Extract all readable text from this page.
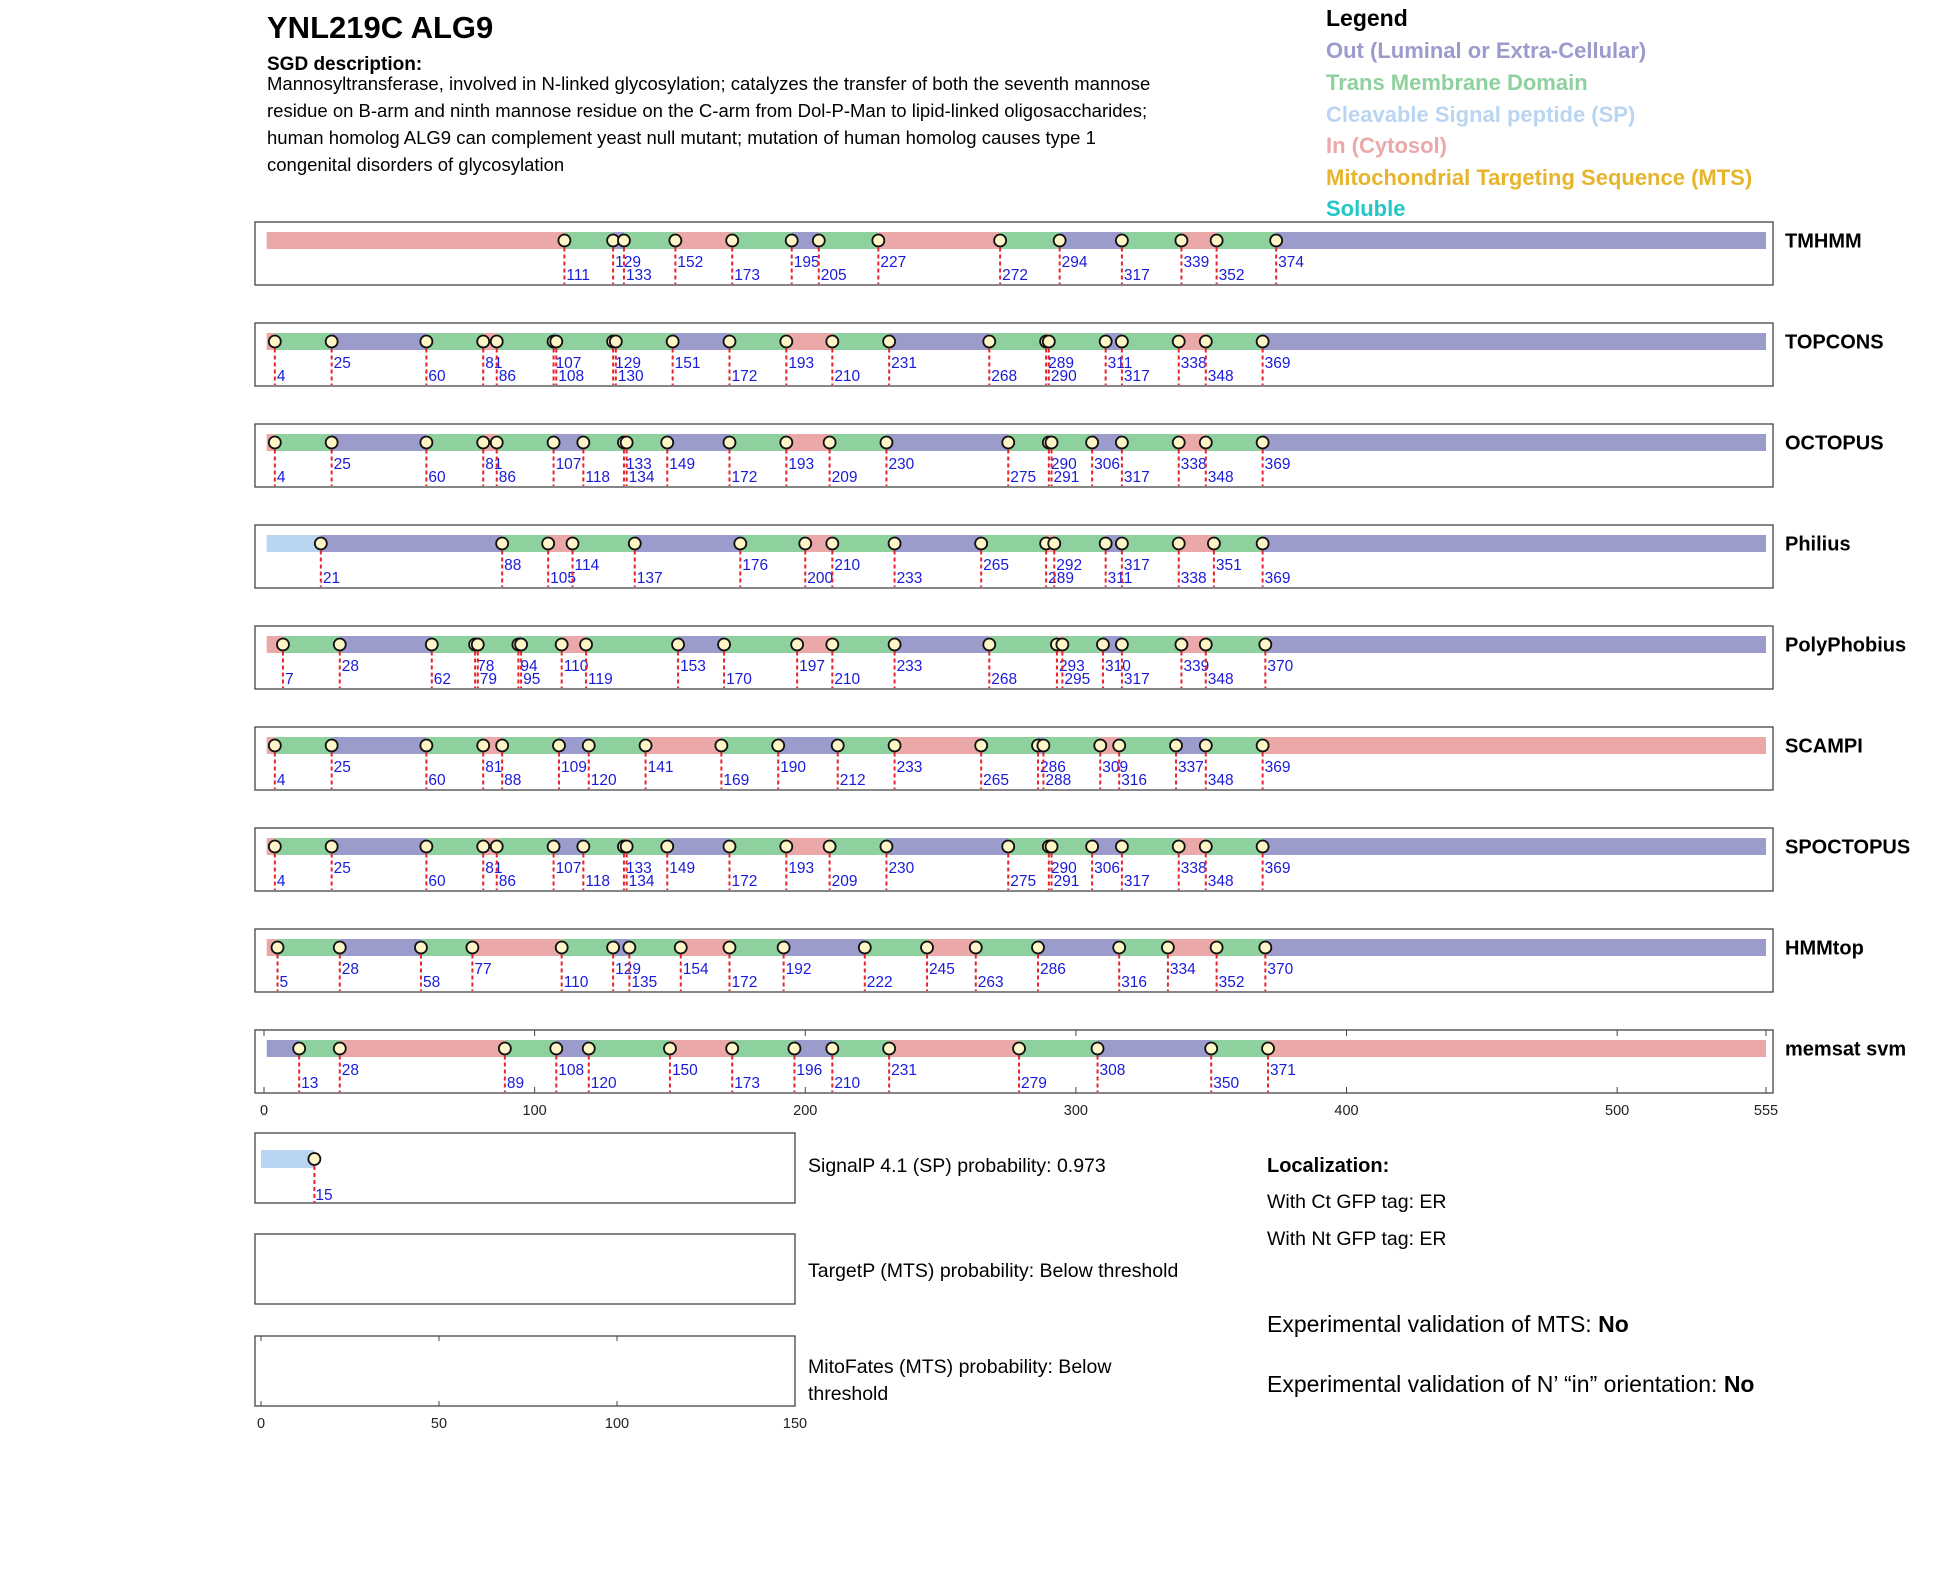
YNL219C ALG9
SGD description:
Mannosyltransferase, involved in N-linked glycosylation; catalyzes the transfer of both the seventh mannose
residue on B-arm and ninth mannose residue on the C-arm from Dol-P-Man to lipid-linked oligosaccharides;
human homolog ALG9 can complement yeast null mutant; mutation of human homolog causes type 1
congenital disorders of glycosylation
Legend
Out (Luminal or Extra-Cellular)
Trans Membrane Domain
Cleavable Signal peptide (SP)
In (Cytosol)
Mitochondrial Targeting Sequence (MTS)
Soluble
TMHMM
111
129
133
152
173
195
205
227
272
294
317
339
352
374
TOPCONS
4
25
60
81
86
107
108
129
130
151
172
193
210
231
268
289
290
311
317
338
348
369
OCTOPUS
4
25
60
81
86
107
118
133
134
149
172
193
209
230
275
290
291
306
317
338
348
369
Philius
21
88
105
114
137
176
200
210
233
265
289
292
311
317
338
351
369
PolyPhobius
7
28
62
78
79
94
95
110
119
153
170
197
210
233
268
293
295
310
317
339
348
370
SCAMPI
4
25
60
81
88
109
120
141
169
190
212
233
265
286
288
309
316
337
348
369
SPOCTOPUS
4
25
60
81
86
107
118
133
134
149
172
193
209
230
275
290
291
306
317
338
348
369
HMMtop
5
28
58
77
110
129
135
154
172
192
222
245
263
286
316
334
352
370
memsat svm
13
28
89
108
120
150
173
196
210
231
279
308
350
371
0	100	200	300	400	500	555
15
0	50	100	150
SignalP 4.1 (SP) probability: 0.973
TargetP (MTS) probability: Below threshold
MitoFates (MTS) probability: Below
threshold
Localization:
With Ct GFP tag: ER
With Nt GFP tag: ER
Experimental validation of MTS: No
Experimental validation of N’ “in” orientation: No
